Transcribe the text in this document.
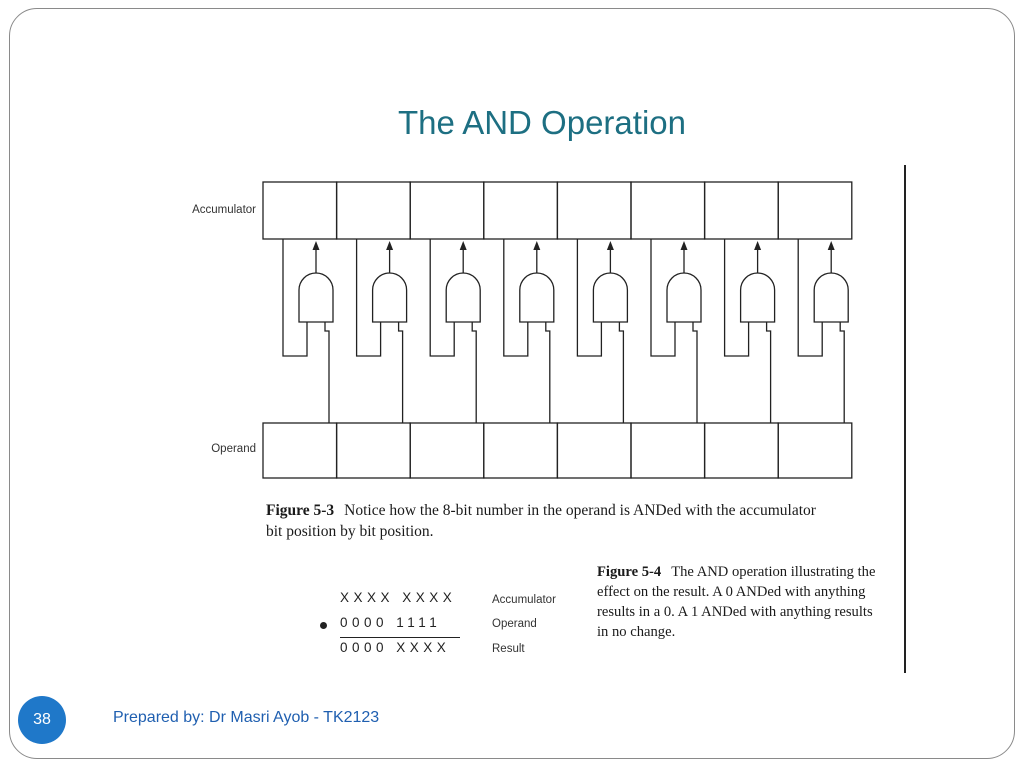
The AND Operation
Accumulator
Operand
Figure 5-3 Notice how the 8-bit number in the operand is ANDed with the accumulator bit position by bit position.
XXXX XXXX	Accumulator
0000 1111	Operand
0000 XXXX	Result
Figure 5-4 The AND operation illustrating the effect on the result. A 0 ANDed with anything results in a 0. A 1 ANDed with anything results in no change.
38	Prepared by: Dr Masri Ayob - TK2123
